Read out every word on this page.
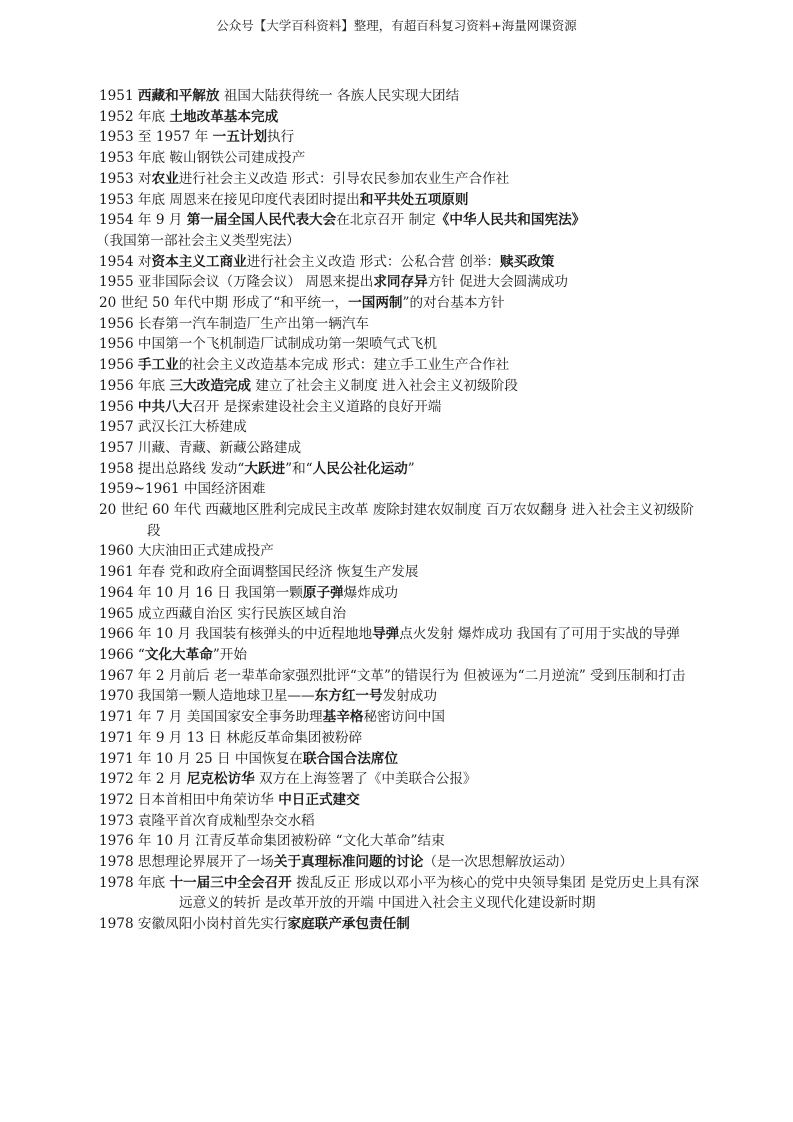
公众号【大学百科资料】整理，有超百科复习资料+海量网课资源
1951 西藏和平解放 祖国大陆获得统一 各族人民实现大团结
1952 年底 土地改革基本完成
1953 至 1957 年 一五计划执行
1953 年底 鞍山钢铁公司建成投产
1953 对农业进行社会主义改造 形式：引导农民参加农业生产合作社
1953 年底 周恩来在接见印度代表团时提出和平共处五项原则
1954 年 9 月 第一届全国人民代表大会在北京召开 制定《中华人民共和国宪法》
（我国第一部社会主义类型宪法）
1954 对资本主义工商业进行社会主义改造 形式：公私合营 创举：赎买政策
1955 亚非国际会议（万隆会议） 周恩来提出求同存异方针 促进大会圆满成功
20 世纪 50 年代中期 形成了“和平统一，一国两制”的对台基本方针
1956 长春第一汽车制造厂生产出第一辆汽车
1956 中国第一个飞机制造厂试制成功第一架喷气式飞机
1956 手工业的社会主义改造基本完成 形式：建立手工业生产合作社
1956 年底 三大改造完成 建立了社会主义制度 进入社会主义初级阶段
1956 中共八大召开 是探索建设社会主义道路的良好开端
1957 武汉长江大桥建成
1957 川藏、青藏、新藏公路建成
1958 提出总路线 发动“大跃进”和“人民公社化运动”
1959~1961 中国经济困难
20 世纪 60 年代 西藏地区胜利完成民主改革 废除封建农奴制度 百万农奴翻身 进入社会主义初级阶段
1960 大庆油田正式建成投产
1961 年春 党和政府全面调整国民经济 恢复生产发展
1964 年 10 月 16 日 我国第一颗原子弹爆炸成功
1965 成立西藏自治区 实行民族区域自治
1966 年 10 月 我国装有核弹头的中近程地地导弹点火发射 爆炸成功 我国有了可用于实战的导弹
1966 “文化大革命”开始
1967 年 2 月前后 老一辈革命家强烈批评“文革”的错误行为 但被诬为“二月逆流” 受到压制和打击
1970 我国第一颗人造地球卫星——东方红一号发射成功
1971 年 7 月 美国国家安全事务助理基辛格秘密访问中国
1971 年 9 月 13 日 林彪反革命集团被粉碎
1971 年 10 月 25 日 中国恢复在联合国合法席位
1972 年 2 月 尼克松访华 双方在上海签署了《中美联合公报》
1972 日本首相田中角荣访华 中日正式建交
1973 袁隆平首次育成籼型杂交水稻
1976 年 10 月 江青反革命集团被粉碎 “文化大革命”结束
1978 思想理论界展开了一场关于真理标准问题的讨论（是一次思想解放运动）
1978 年底 十一届三中全会召开 拨乱反正 形成以邓小平为核心的党中央领导集团 是党历史上具有深远意义的转折 是改革开放的开端 中国进入社会主义现代化建设新时期
1978 安徽凤阳小岗村首先实行家庭联产承包责任制
